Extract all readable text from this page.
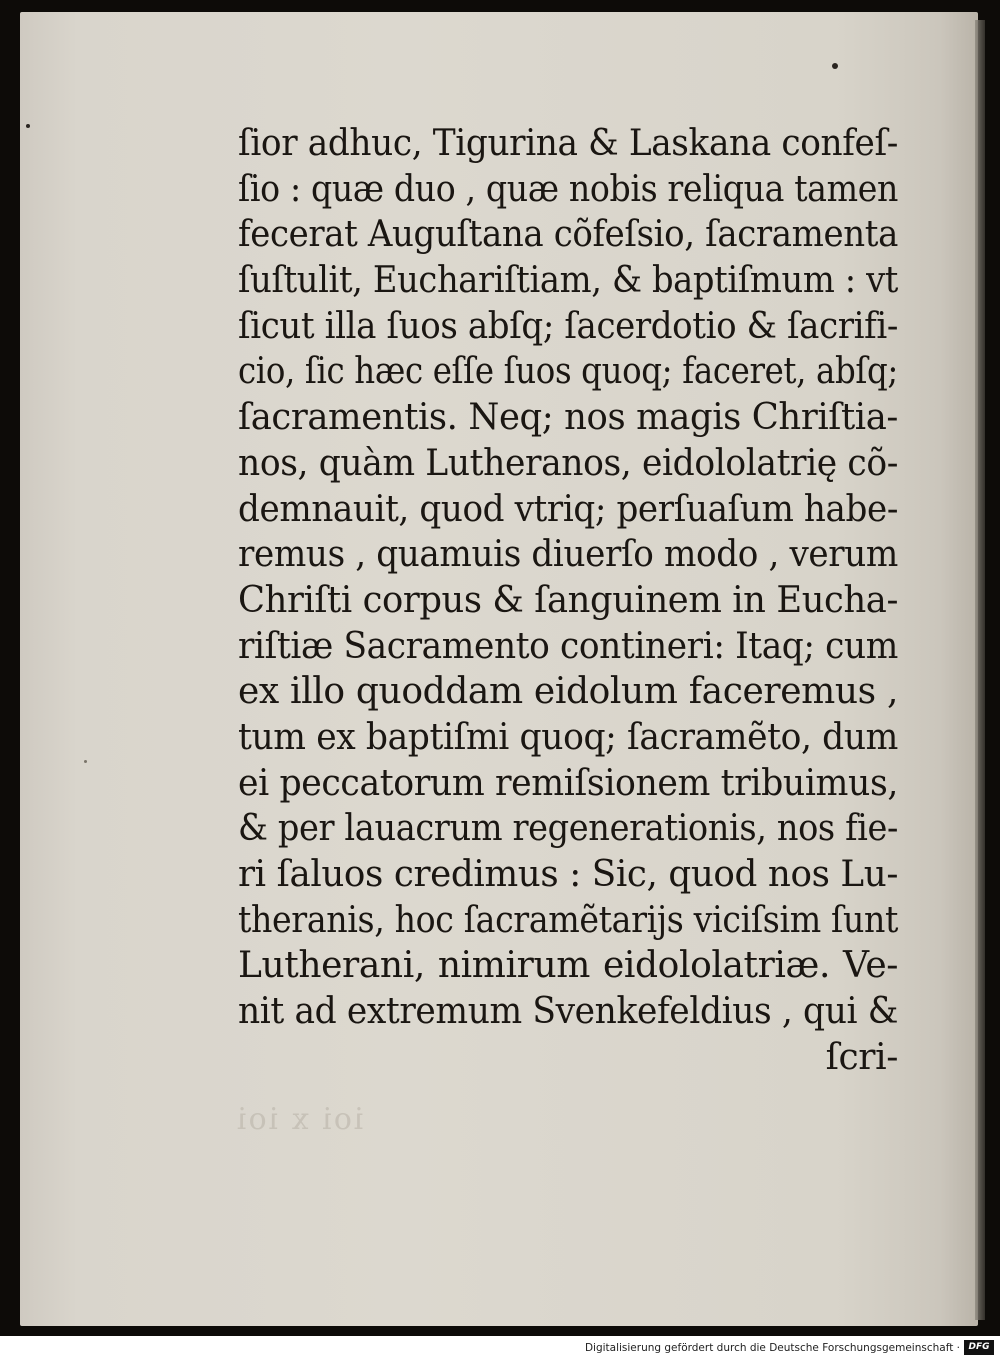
ſior adhuc, Tigurina & Laskana confeſ-
ſio : quæ duo , quæ nobis reliqua tamen
fecerat Auguſtana cõfeſsio, ſacramenta
ſuſtulit, Euchariſtiam, & baptiſmum : vt
ſicut illa ſuos abſq; ſacerdotio & ſacrifi-
cio, ſic hæc eſſe ſuos quoq; faceret, abſq;
ſacramentis. Neq; nos magis Chriſtia-
nos, quàm Lutheranos, eidololatrię cõ-
demnauit, quod vtriq; perſuaſum habe-
remus , quamuis diuerſo modo , verum
Chriſti corpus & ſanguinem in Eucha-
riſtiæ Sacramento contineri: Itaq; cum
ex illo quoddam eidolum faceremus ,
tum ex baptiſmi quoq; ſacramẽto, dum
ei peccatorum remiſsionem tribuimus,
& per lauacrum regenerationis, nos fie-
ri ſaluos credimus : Sic, quod nos Lu-
theranis, hoc ſacramẽtarijs viciſsim ſunt
Lutherani, nimirum eidololatriæ. Ve-
nit ad extremum Svenkefeldius , qui &
ſcri-
ioi x ioi
Digitalisierung gefördert durch die Deutsche Forschungsgemeinschaft · DFG
